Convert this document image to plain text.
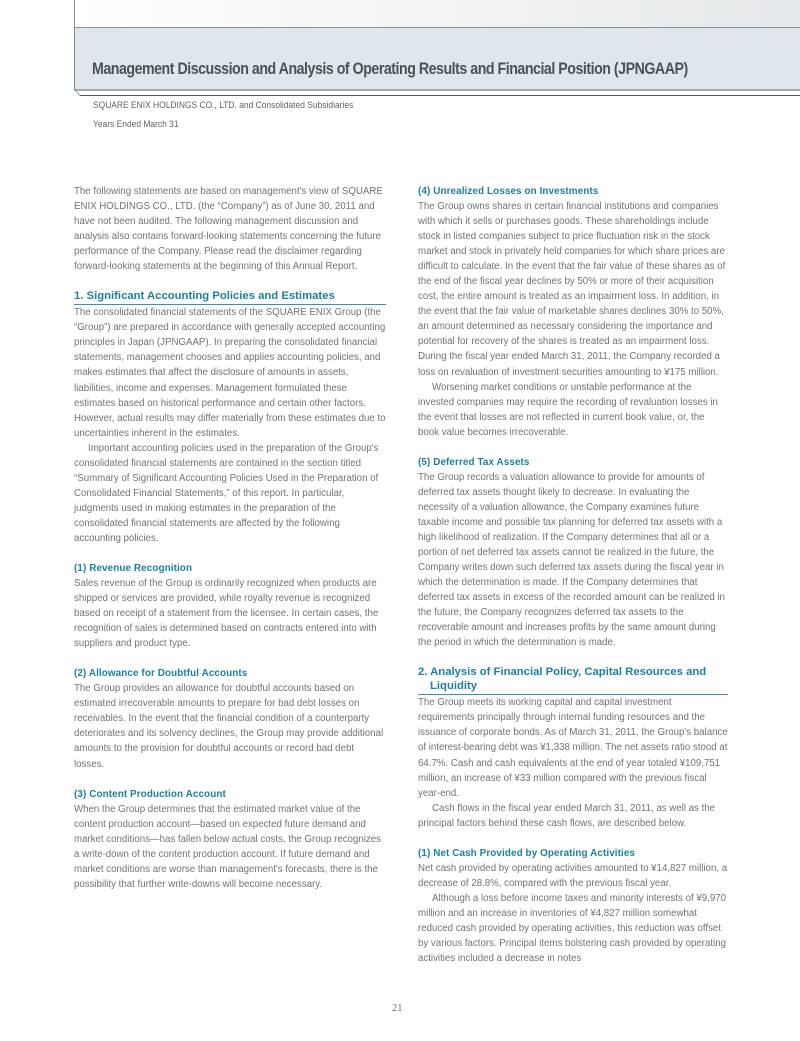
Management Discussion and Analysis of Operating Results and Financial Position (JPNGAAP)
SQUARE ENIX HOLDINGS CO., LTD. and Consolidated Subsidiaries
Years Ended March 31

The following statements are based on management's view of SQUARE ENIX HOLDINGS CO., LTD. (the “Company”) as of June 30, 2011 and have not been audited. The following management discussion and analysis also contains forward-looking statements concerning the future performance of the Company. Please read the disclaimer regarding forward-looking statements at the beginning of this Annual Report.

1. Significant Accounting Policies and Estimates

The consolidated financial statements of the SQUARE ENIX Group (the “Group”) are prepared in accordance with generally accepted accounting principles in Japan (JPNGAAP). In preparing the consolidated financial statements, management chooses and applies accounting policies, and makes estimates that affect the disclosure of amounts in assets, liabilities, income and expenses. Management formulated these estimates based on historical performance and certain other factors. However, actual results may differ materially from these estimates due to uncertainties inherent in the estimates.

Important accounting policies used in the preparation of the Group's consolidated financial statements are contained in the section titled “Summary of Significant Accounting Policies Used in the Preparation of Consolidated Financial Statements,” of this report. In particular, judgments used in making estimates in the preparation of the consolidated financial statements are affected by the following accounting policies.

(1) Revenue Recognition

Sales revenue of the Group is ordinarily recognized when products are shipped or services are provided, while royalty revenue is recognized based on receipt of a statement from the licensee. In certain cases, the recognition of sales is determined based on contracts entered into with suppliers and product type.

(2) Allowance for Doubtful Accounts

The Group provides an allowance for doubtful accounts based on estimated irrecoverable amounts to prepare for bad debt losses on receivables. In the event that the financial condition of a counterparty deteriorates and its solvency declines, the Group may provide additional amounts to the provision for doubtful accounts or record bad debt losses.

(3) Content Production Account

When the Group determines that the estimated market value of the content production account—based on expected future demand and market conditions—has fallen below actual costs, the Group recognizes a write-down of the content production account. If future demand and market conditions are worse than management's forecasts, there is the possibility that further write-downs will become necessary.

(4) Unrealized Losses on Investments

The Group owns shares in certain financial institutions and companies with which it sells or purchases goods. These shareholdings include stock in listed companies subject to price fluctuation risk in the stock market and stock in privately held companies for which share prices are difficult to calculate. In the event that the fair value of these shares as of the end of the fiscal year declines by 50% or more of their acquisition cost, the entire amount is treated as an impairment loss. In addition, in the event that the fair value of marketable shares declines 30% to 50%, an amount determined as necessary considering the importance and potential for recovery of the shares is treated as an impairment loss. During the fiscal year ended March 31, 2011, the Company recorded a loss on revaluation of investment securities amounting to ¥175 million.

Worsening market conditions or unstable performance at the invested companies may require the recording of revaluation losses in the event that losses are not reflected in current book value, or, the book value becomes irrecoverable.

(5) Deferred Tax Assets

The Group records a valuation allowance to provide for amounts of deferred tax assets thought likely to decrease. In evaluating the necessity of a valuation allowance, the Company examines future taxable income and possible tax planning for deferred tax assets with a high likelihood of realization. If the Company determines that all or a portion of net deferred tax assets cannot be realized in the future, the Company writes down such deferred tax assets during the fiscal year in which the determination is made. If the Company determines that deferred tax assets in excess of the recorded amount can be realized in the future, the Company recognizes deferred tax assets to the recoverable amount and increases profits by the same amount during the period in which the determination is made.

2. Analysis of Financial Policy, Capital Resources and
Liquidity

The Group meets its working capital and capital investment requirements principally through internal funding resources and the issuance of corporate bonds. As of March 31, 2011, the Group's balance of interest-bearing debt was ¥1,338 million. The net assets ratio stood at 64.7%. Cash and cash equivalents at the end of year totaled ¥109,751 million, an increase of ¥33 million compared with the previous fiscal year-end.

Cash flows in the fiscal year ended March 31, 2011, as well as the principal factors behind these cash flows, are described below.

(1) Net Cash Provided by Operating Activities

Net cash provided by operating activities amounted to ¥14,827 million, a decrease of 28.8%, compared with the previous fiscal year.

Although a loss before income taxes and minority interests of ¥9,970 million and an increase in inventories of ¥4,827 million somewhat reduced cash provided by operating activities, this reduction was offset by various factors. Principal items bolstering cash provided by operating activities included a decrease in notes

21
